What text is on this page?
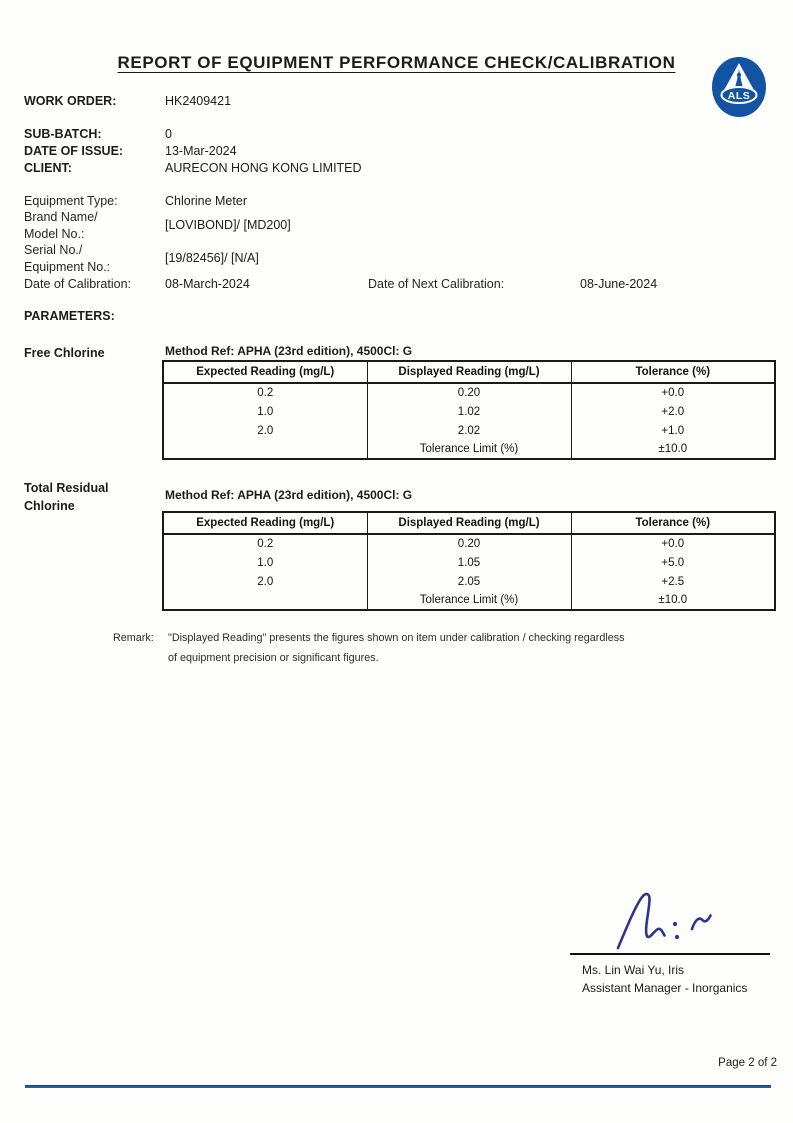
REPORT OF EQUIPMENT PERFORMANCE CHECK/CALIBRATION
ALS
WORK ORDER:	HK2409421
SUB-BATCH:	0
DATE OF ISSUE:	13-Mar-2024
CLIENT:	AURECON HONG KONG LIMITED
Equipment Type:	Chlorine Meter
Brand Name/
Model No.:
[LOVIBOND]/ [MD200]
Serial No./
Equipment No.:
[19/82456]/ [N/A]
Date of Calibration:	08-March-2024	Date of Next Calibration:	08-June-2024
PARAMETERS:
Free Chlorine	Method Ref: APHA (23rd edition), 4500Cl: G
Expected Reading (mg/L)	Displayed Reading (mg/L)	Tolerance (%)
0.2	0.20	+0.0
1.0	1.02	+2.0
2.0	2.02	+1.0
	Tolerance Limit (%)	±10.0
Total Residual
Chlorine
Method Ref: APHA (23rd edition), 4500Cl: G
Expected Reading (mg/L)	Displayed Reading (mg/L)	Tolerance (%)
0.2	0.20	+0.0
1.0	1.05	+5.0
2.0	2.05	+2.5
	Tolerance Limit (%)	±10.0
Remark: "Displayed Reading" presents the figures shown on item under calibration / checking regardless
of equipment precision or significant figures.
Ms. Lin Wai Yu, Iris
Assistant Manager - Inorganics
Page 2 of 2
